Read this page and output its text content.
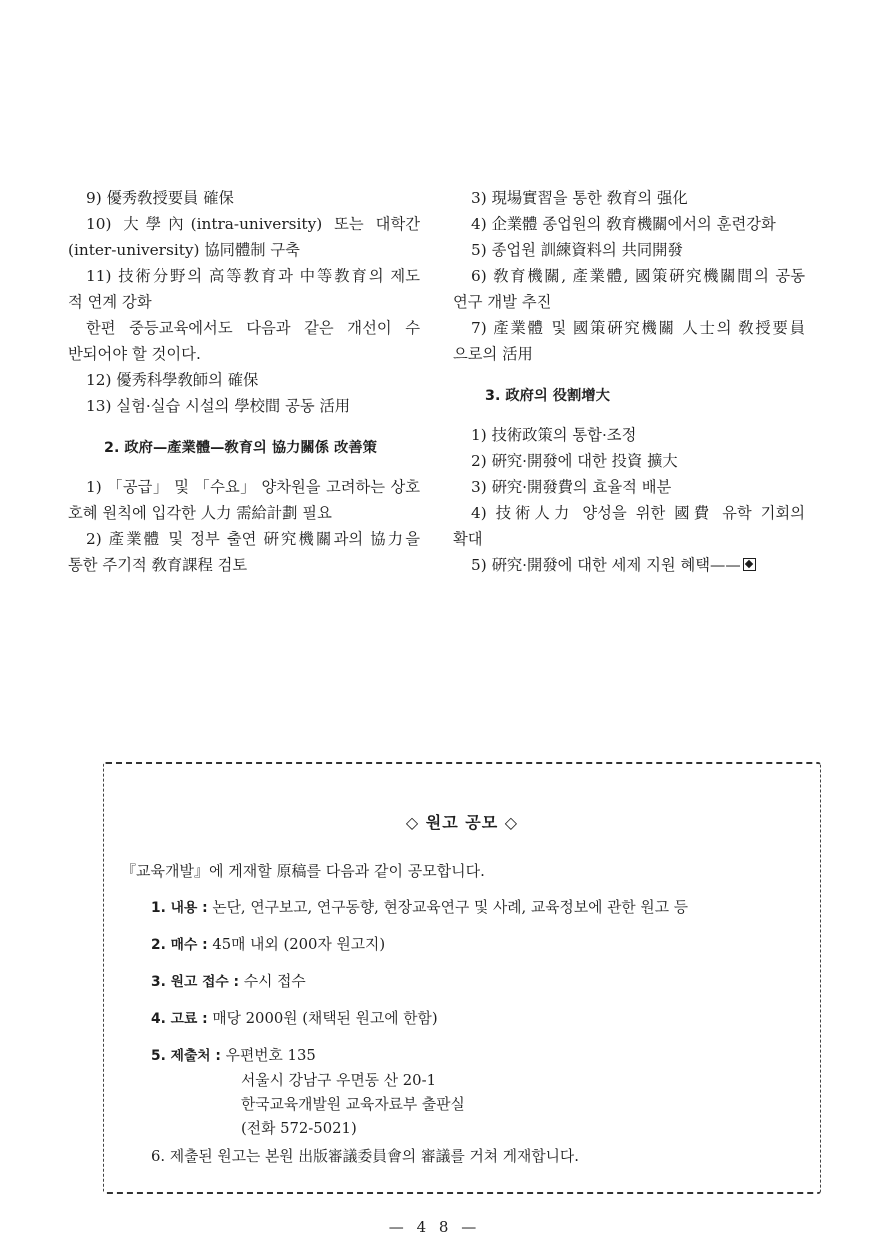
9) 優秀敎授要員 確保

10) 大學內(intra-university) 또는 대학간

(inter-university) 協同體制 구축

11) 技術分野의 高等教育과 中等教育의 제도

적 연계 강화

한편 중등교육에서도 다음과 같은 개선이 수

반되어야 할 것이다.

12) 優秀科學敎師의 確保

13) 실험·실습 시설의 學校間 공동 活用

2. 政府—產業體—敎育의 協力關係 改善策

1) 「공급」 및 「수요」 양차원을 고려하는 상호

호혜 원칙에 입각한 人力 需給計劃 필요

2) 產業體 및 정부 출연 硏究機關과의 協力을

통한 주기적 敎育課程 검토

3) 現場實習을 통한 敎育의 强化

4) 企業體 종업원의 敎育機關에서의 훈련강화

5) 종업원 訓練資料의 共同開發

6) 敎育機關, 產業體, 國策硏究機關間의 공동

연구 개발 추진

7) 產業體 및 國策硏究機關 人士의 敎授要員

으로의 活用

3. 政府의 役割增大

1) 技術政策의 통합·조정

2) 硏究·開發에 대한 投資 擴大

3) 硏究·開發費의 효율적 배분

4) 技術人力 양성을 위한 國費 유학 기회의

확대

5) 硏究·開發에 대한 세제 지원 혜택——

◇ 원고 공모 ◇
『교육개발』에 게재할 原稿를 다음과 같이 공모합니다.

1. 내용 : 논단, 연구보고, 연구동향, 현장교육연구 및 사례, 교육정보에 관한 원고 등

2. 매수 : 45매 내외 (200자 원고지)

3. 원고 접수 : 수시 접수

4. 고료 : 매당 2000원 (채택된 원고에 한함)

5. 제출처 : 우편번호 135

서울시 강남구 우면동 산 20-1

한국교육개발원 교육자료부 출판실

(전화 572-5021)

6. 제출된 원고는 본원 出版審議委員會의 審議를 거쳐 게재합니다.

— 4 8 —
